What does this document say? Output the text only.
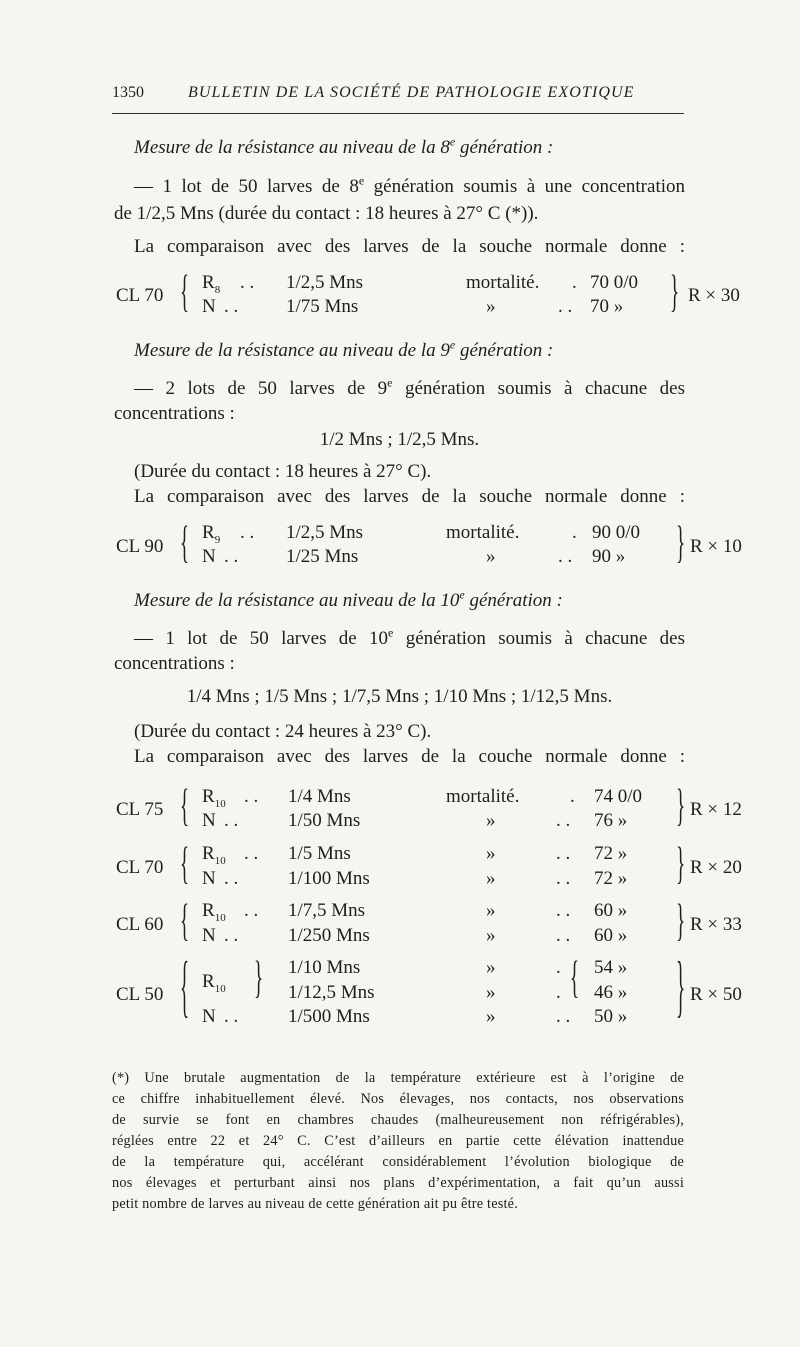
1350	BULLETIN DE LA SOCIÉTÉ DE PATHOLOGIE EXOTIQUE
Mesure de la résistance au niveau de la 8e génération :
— 1 lot de 50 larves de 8e génération soumis à une concentration
de 1/2,5 Mns (durée du contact : 18 heures à 27° C (*)).
La comparaison avec des larves de la souche normale donne :
CL 70 { $R_8$ . . 1/2,5 Mns	mortalité. . 70 0/0
N . .	1/75 Mns	»	. . 70 » } R × 30
Mesure de la résistance au niveau de la 9e génération :
— 2 lots de 50 larves de 9e génération soumis à chacune des
concentrations :
1/2 Mns ; 1/2,5 Mns.
(Durée du contact : 18 heures à 27° C).
La comparaison avec des larves de la souche normale donne :
CL 90 { $R_9$ . . 1/2,5 Mns	mortalité.	. 90 0/0
N . .	1/25 Mns	»	. . 90 »	} R × 10
Mesure de la résistance au niveau de la 10e génération :
— 1 lot de 50 larves de 10e génération soumis à chacune des
concentrations :
1/4 Mns ; 1/5 Mns ; 1/7,5 Mns ; 1/10 Mns ; 1/12,5 Mns.
(Durée du contact : 24 heures à 23° C).
La comparaison avec des larves de la couche normale donne :
CL 75 { $R_{10}$ . . 1/4 Mns	mortalité.	. 74 0/0
N . .	1/50 Mns	»	. . 76 »	} R × 12
CL 70 { $R_{10}$ . . 1/5 Mns	»	. . 72 »
N . .	1/100 Mns	»	. . 72 »	} R × 20
CL 60 { $R_{10}$ . . 1/7,5 Mns	»	. . 60 »
N . .	1/250 Mns	»	. . 60 »	} R × 33
CL 50 { $R_{10}$ } 1/10 Mns	»	. { 54 »
1/12,5 Mns	»	. 46 »
N . .	1/500 Mns	»	. . 50 »	} R × 50
(*) Une brutale augmentation de la température extérieure est à l’origine de
ce chiffre inhabituellement élevé. Nos élevages, nos contacts, nos observations
de survie se font en chambres chaudes (malheureusement non réfrigérables),
réglées entre 22 et 24° C. C’est d’ailleurs en partie cette élévation inattendue
de la température qui, accélérant considérablement l’évolution biologique de
nos élevages et perturbant ainsi nos plans d’expérimentation, a fait qu’un aussi
petit nombre de larves au niveau de cette génération ait pu être testé.
